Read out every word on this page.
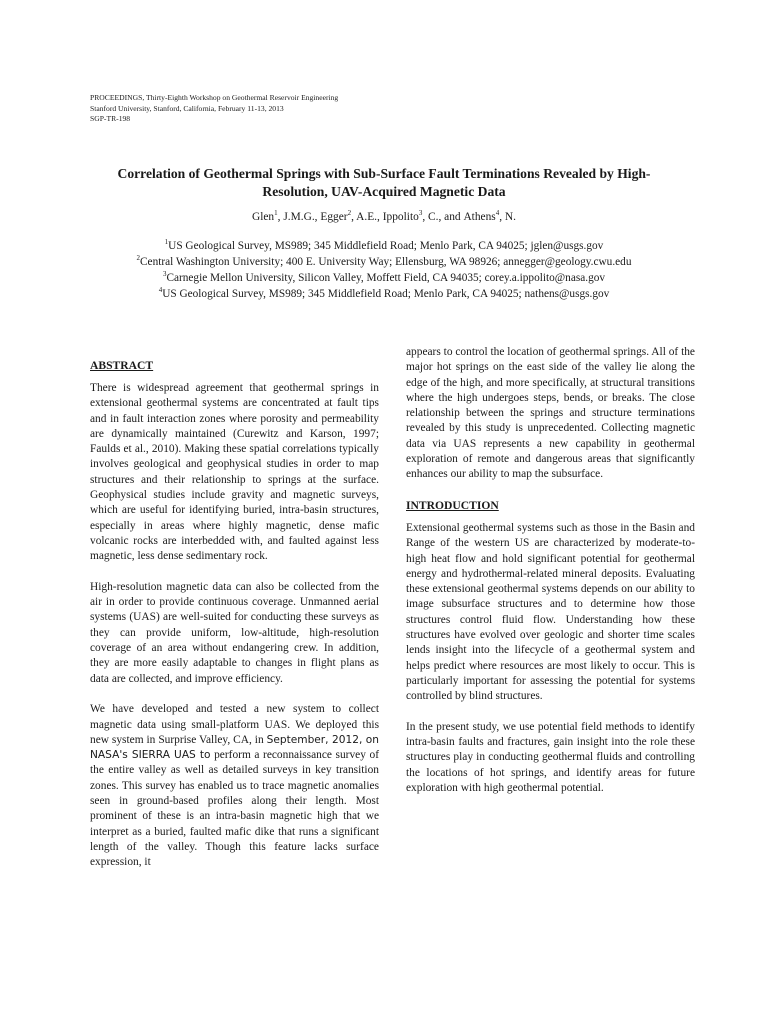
PROCEEDINGS, Thirty-Eighth Workshop on Geothermal Reservoir Engineering
Stanford University, Stanford, California, February 11-13, 2013
SGP-TR-198
Correlation of Geothermal Springs with Sub-Surface Fault Terminations Revealed by High-Resolution, UAV-Acquired Magnetic Data
Glen$^1$, J.M.G., Egger$^2$, A.E., Ippolito$^3$, C., and Athens$^4$, N.
$^1$US Geological Survey, MS989; 345 Middlefield Road; Menlo Park, CA 94025; jglen@usgs.gov
$^2$Central Washington University; 400 E. University Way; Ellensburg, WA 98926; annegger@geology.cwu.edu
$^3$Carnegie Mellon University, Silicon Valley, Moffett Field, CA 94035; corey.a.ippolito@nasa.gov
$^4$US Geological Survey, MS989; 345 Middlefield Road; Menlo Park, CA 94025; nathens@usgs.gov
ABSTRACT

There is widespread agreement that geothermal springs in extensional geothermal systems are concentrated at fault tips and in fault interaction zones where porosity and permeability are dynamically maintained (Curewitz and Karson, 1997; Faulds et al., 2010). Making these spatial correlations typically involves geological and geophysical studies in order to map structures and their relationship to springs at the surface. Geophysical studies include gravity and magnetic surveys, which are useful for identifying buried, intra-basin structures, especially in areas where highly magnetic, dense mafic volcanic rocks are interbedded with, and faulted against less magnetic, less dense sedimentary rock.

High-resolution magnetic data can also be collected from the air in order to provide continuous coverage. Unmanned aerial systems (UAS) are well-suited for conducting these surveys as they can provide uniform, low-altitude, high-resolution coverage of an area without endangering crew. In addition, they are more easily adaptable to changes in flight plans as data are collected, and improve efficiency.

We have developed and tested a new system to collect magnetic data using small-platform UAS. We deployed this new system in Surprise Valley, CA, in September, 2012, on NASA's SIERRA UAS to perform a reconnaissance survey of the entire valley as well as detailed surveys in key transition zones. This survey has enabled us to trace magnetic anomalies seen in ground-based profiles along their length. Most prominent of these is an intra-basin magnetic high that we interpret as a buried, faulted mafic dike that runs a significant length of the valley. Though this feature lacks surface expression, it

appears to control the location of geothermal springs. All of the major hot springs on the east side of the valley lie along the edge of the high, and more specifically, at structural transitions where the high undergoes steps, bends, or breaks. The close relationship between the springs and structure terminations revealed by this study is unprecedented. Collecting magnetic data via UAS represents a new capability in geothermal exploration of remote and dangerous areas that significantly enhances our ability to map the subsurface.

INTRODUCTION

Extensional geothermal systems such as those in the Basin and Range of the western US are characterized by moderate-to-high heat flow and hold significant potential for geothermal energy and hydrothermal-related mineral deposits. Evaluating these extensional geothermal systems depends on our ability to image subsurface structures and to determine how those structures control fluid flow. Understanding how these structures have evolved over geologic and shorter time scales lends insight into the lifecycle of a geothermal system and helps predict where resources are most likely to occur. This is particularly important for assessing the potential for systems controlled by blind structures.

In the present study, we use potential field methods to identify intra-basin faults and fractures, gain insight into the role these structures play in conducting geothermal fluids and controlling the locations of hot springs, and identify areas for future exploration with high geothermal potential.
